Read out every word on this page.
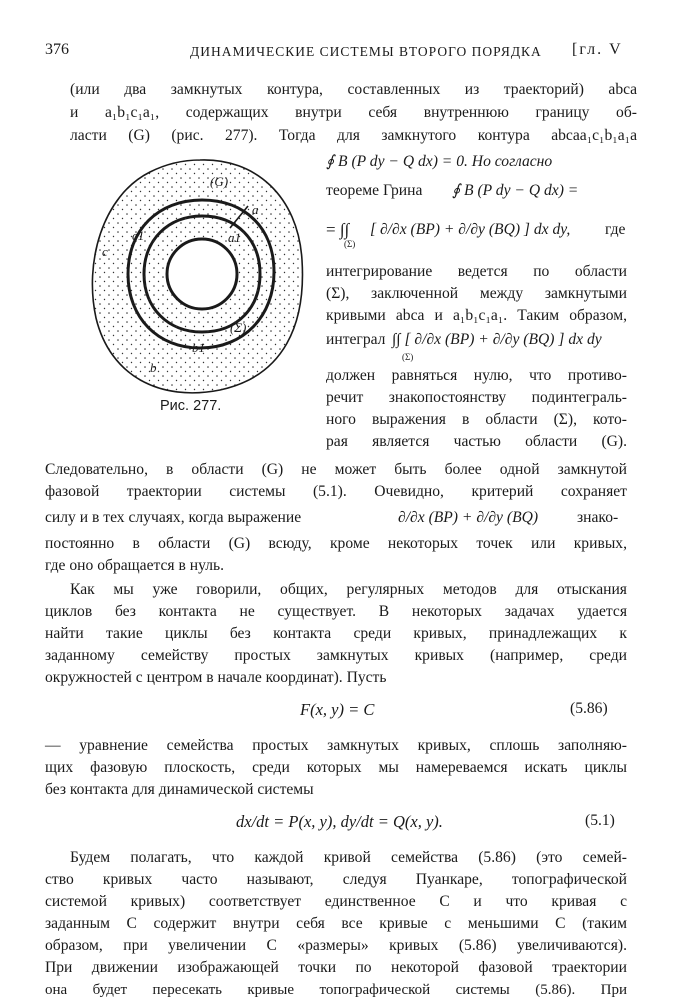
376	ДИНАМИЧЕСКИЕ СИСТЕМЫ ВТОРОГО ПОРЯДКА [гл. V
(или два замкнутых контура, составленных из траекторий) abca
и a₁b₁c₁a₁, содержащих внутри себя внутреннюю границу об-
ласти (G) (рис. 277). Тогда для замкнутого контура abcaa₁c₁b₁a₁a
(G)
a
a1
c
c1
(Σ)
b1
b
Рис. 277.
∮ B (P dy − Q dx) = 0. Но согласно
теореме Грина ∮ B (P dy − Q dx) =
= ∫∫ [ ∂/∂x (BP) + ∂/∂y (BQ) ] dx dy, где
(Σ)
интегрирование ведется по области
(Σ), заключенной между замкнутыми
кривыми abca и a₁b₁c₁a₁. Таким образом,
интеграл ∫∫ [ ∂/∂x (BP) + ∂/∂y (BQ) ] dx dy
(Σ)
должен равняться нулю, что противо-
речит знакопостоянству подинтеграль-
ного выражения в области (Σ), кото-
рая является частью области (G).
Следовательно, в области (G) не может быть более одной замкнутой
фазовой траектории системы (5.1). Очевидно, критерий сохраняет
силу и в тех случаях, когда выражение	∂/∂x (BP) + ∂/∂y (BQ) знако-
постоянно в области (G) всюду, кроме некоторых точек или кривых,
где оно обращается в нуль.
Как мы уже говорили, общих, регулярных методов для отыскания
циклов без контакта не существует. В некоторых задачах удается
найти такие циклы без контакта среди кривых, принадлежащих к
заданному семейству простых замкнутых кривых (например, среди
окружностей с центром в начале координат). Пусть
F(x, y) = C	(5.86)
— уравнение семейства простых замкнутых кривых, сплошь заполняю-
щих фазовую плоскость, среди которых мы намереваемся искать циклы
без контакта для динамической системы
dx/dt = P(x, y), dy/dt = Q(x, y).	(5.1)
Будем полагать, что каждой кривой семейства (5.86) (это семей-
ство кривых часто называют, следуя Пуанкаре, топографической
системой кривых) соответствует единственное C и что кривая с
заданным C содержит внутри себя все кривые с меньшими C (таким
образом, при увеличении C «размеры» кривых (5.86) увеличиваются).
При движении изображающей точки по некоторой фазовой траектории
она будет пересекать кривые топографической системы (5.86). При
